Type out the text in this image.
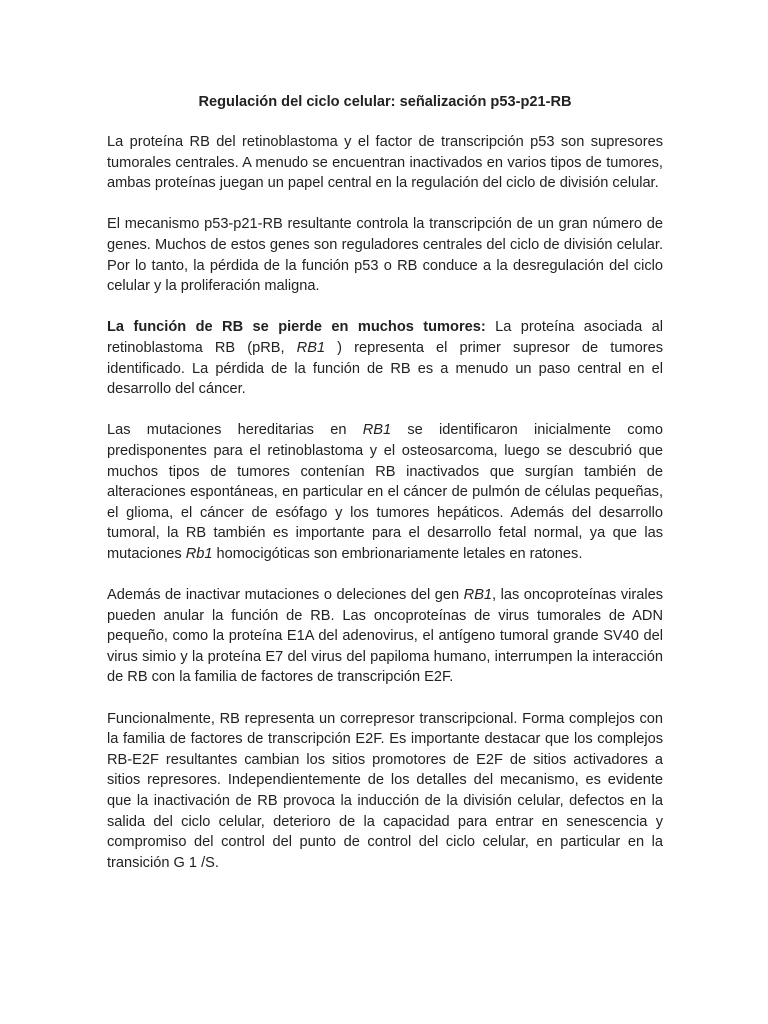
Regulación del ciclo celular: señalización p53-p21-RB

La proteína RB del retinoblastoma y el factor de transcripción p53 son supresores tumorales centrales. A menudo se encuentran inactivados en varios tipos de tumores, ambas proteínas juegan un papel central en la regulación del ciclo de división celular.

El mecanismo p53-p21-RB resultante controla la transcripción de un gran número de genes. Muchos de estos genes son reguladores centrales del ciclo de división celular. Por lo tanto, la pérdida de la función p53 o RB conduce a la desregulación del ciclo celular y la proliferación maligna.

La función de RB se pierde en muchos tumores: La proteína asociada al retinoblastoma RB (pRB, RB1 ) representa el primer supresor de tumores identificado. La pérdida de la función de RB es a menudo un paso central en el desarrollo del cáncer.

Las mutaciones hereditarias en RB1 se identificaron inicialmente como predisponentes para el retinoblastoma y el osteosarcoma, luego se descubrió que muchos tipos de tumores contenían RB inactivados que surgían también de alteraciones espontáneas, en particular en el cáncer de pulmón de células pequeñas, el glioma, el cáncer de esófago y los tumores hepáticos. Además del desarrollo tumoral, la RB también es importante para el desarrollo fetal normal, ya que las mutaciones Rb1 homocigóticas son embrionariamente letales en ratones.

Además de inactivar mutaciones o deleciones del gen RB1, las oncoproteínas virales pueden anular la función de RB. Las oncoproteínas de virus tumorales de ADN pequeño, como la proteína E1A del adenovirus, el antígeno tumoral grande SV40 del virus simio y la proteína E7 del virus del papiloma humano, interrumpen la interacción de RB con la familia de factores de transcripción E2F.

Funcionalmente, RB representa un correpresor transcripcional. Forma complejos con la familia de factores de transcripción E2F. Es importante destacar que los complejos RB-E2F resultantes cambian los sitios promotores de E2F de sitios activadores a sitios represores. Independientemente de los detalles del mecanismo, es evidente que la inactivación de RB provoca la inducción de la división celular, defectos en la salida del ciclo celular, deterioro de la capacidad para entrar en senescencia y compromiso del control del punto de control del ciclo celular, en particular en la transición G 1 /S.
